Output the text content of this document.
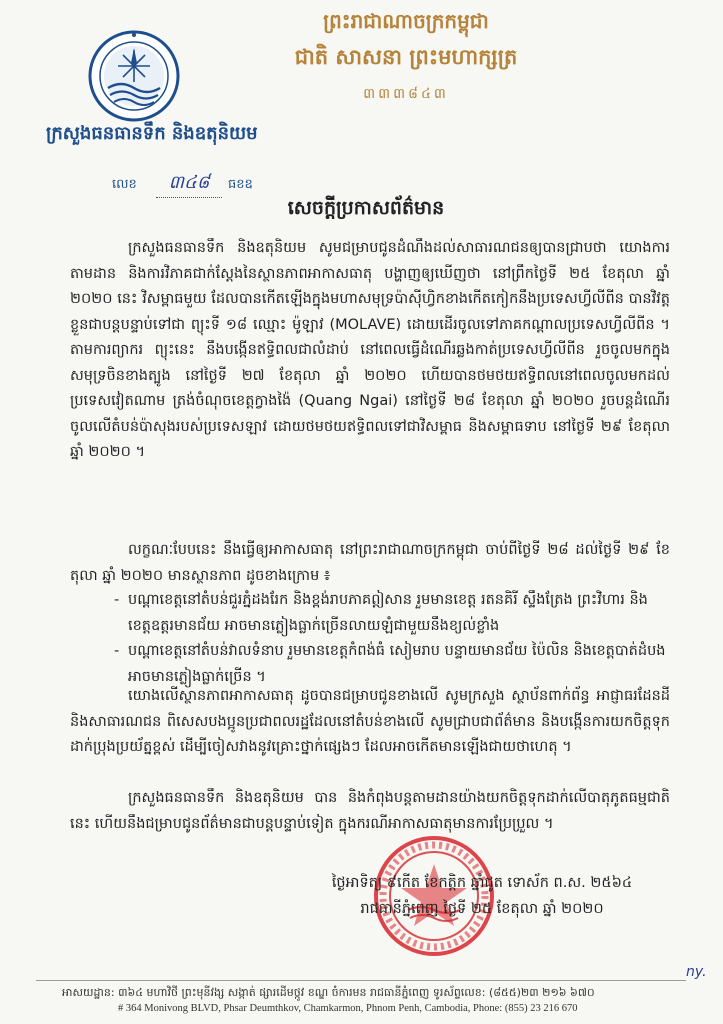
ព្រះរាជាណាចក្រកម្ពុជា
ជាតិ សាសនា ព្រះមហាក្សត្រ
៣៣៣៨៤៣
ក្រសួងធនធានទឹក និងឧតុនិយម
លេខ ៣៤៨ ធខឧ
សេចក្តីប្រកាសព័ត៌មាន
ក្រសួងធនធានទឹក និងឧតុនិយម សូមជម្រាបជូនដំណឹងដល់សាធារណជនឲ្យបានជ្រាបថា យោងការតាមដាន និងការវិភាគជាក់ស្តែងនៃស្ថានភាពអាកាសធាតុ បង្ហាញឲ្យឃើញថា នៅព្រឹកថ្ងៃទី ២៥ ខែតុលា ឆ្នាំ ២០២០ នេះ វិសម្ពាធមួយ ដែលបានកើតឡើងក្នុងមហាសមុទ្រប៉ាស៊ីហ្វិកខាងកើតកៀកនឹងប្រទេសហ្វីលីពីន បានវិវត្តខ្លួនជាបន្តបន្ទាប់ទៅជា ព្យុះទី ១៨ ឈ្មោះ ម៉ូឡាវ (MOLAVE) ដោយដើរចូលទៅភាគកណ្តាលប្រទេសហ្វីលីពីន ។ តាមការព្យាករ ព្យុះនេះ នឹងបង្កើនឥទ្ធិពលជាលំដាប់ នៅពេលធ្វើដំណើរឆ្លងកាត់ប្រទេសហ្វីលីពីន រួចចូលមកក្នុងសមុទ្រចិនខាងត្បូង នៅថ្ងៃទី ២៧ ខែតុលា ឆ្នាំ ២០២០ ហើយបានថមថយឥទ្ធិពលនៅពេលចូលមកដល់ប្រទេសវៀតណាម ត្រង់ចំណុចខេត្តក្វាងង៉ៃ (Quang Ngai) នៅថ្ងៃទី ២៨ ខែតុលា ឆ្នាំ ២០២០ រួចបន្តដំណើរចូលលើតំបន់ប៉ាសុងរបស់ប្រទេសឡាវ ដោយថមថយឥទ្ធិពលទៅជាវិសម្ពាធ និងសម្ពាធទាប នៅថ្ងៃទី ២៩ ខែតុលា ឆ្នាំ ២០២០ ។
លក្ខណៈបែបនេះ នឹងធ្វើឲ្យអាកាសធាតុ នៅព្រះរាជាណាចក្រកម្ពុជា ចាប់ពីថ្ងៃទី ២៨ ដល់ថ្ងៃទី ២៩ ខែតុលា ឆ្នាំ ២០២០ មានស្ថានភាព ដូចខាងក្រោម ៖
- បណ្តាខេត្តនៅតំបន់ជួរភ្នំដងរែក និងខ្ពង់រាបភាគឦសាន រួមមានខេត្ត រតនគិរី ស្ទឹងត្រែង ព្រះវិហារ និងខេត្តឧត្តរមានជ័យ អាចមានភ្លៀងធ្លាក់ច្រើនលាយឡំជាមួយនឹងខ្យល់ខ្លាំង
- បណ្តាខេត្តនៅតំបន់វាលទំនាប រួមមានខេត្តកំពង់ធំ សៀមរាប បន្ទាយមានជ័យ ប៉ៃលិន និងខេត្តបាត់ដំបង អាចមានភ្លៀងធ្លាក់ច្រើន ។
យោងលើស្ថានភាពអាកាសធាតុ ដូចបានជម្រាបជូនខាងលើ សូមក្រសួង ស្ថាប័នពាក់ព័ន្ធ អាជ្ញាធរដែនដី និងសាធារណជន ពិសេសបងប្អូនប្រជាពលរដ្ឋដែលនៅតំបន់ខាងលើ សូមជ្រាបជាព័ត៌មាន និងបង្កើនការយកចិត្តទុកដាក់ប្រុងប្រយ័ត្នខ្ពស់ ដើម្បីចៀសវាងនូវគ្រោះថ្នាក់ផ្សេងៗ ដែលអាចកើតមានឡើងជាយថាហេតុ ។
ក្រសួងធនធានទឹក និងឧតុនិយម បាន និងកំពុងបន្តតាមដានយ៉ាងយកចិត្តទុកដាក់លើបាតុភូតធម្មជាតិនេះ ហើយនឹងជម្រាបជូនព័ត៌មានជាបន្តបន្ទាប់ទៀត ក្នុងករណីអាកាសធាតុមានការប្រែប្រួល ។
ថ្ងៃអាទិត្យ ៩កើត ខែកត្តិក ឆ្នាំជូត ទោស័ក ព.ស. ២៥៦៤
រាជធានីភ្នំពេញ ថ្ងៃទី ២៥ ខែតុលា ឆ្នាំ ២០២០
ny.
អាសយដ្ឋាន: ៣៦៤ មហាវិថី ព្រះមុនីវង្ស សង្កាត់ ផ្សារដើមថ្កូវ ខណ្ឌ ចំការមន រាជធានីភ្នំពេញ ទូរស័ព្ទលេខ: (៨៥៥)២៣ ២១៦ ៦៧០
# 364 Monivong BLVD, Phsar Deumthkov, Chamkarmon, Phnom Penh, Cambodia, Phone: (855) 23 216 670
